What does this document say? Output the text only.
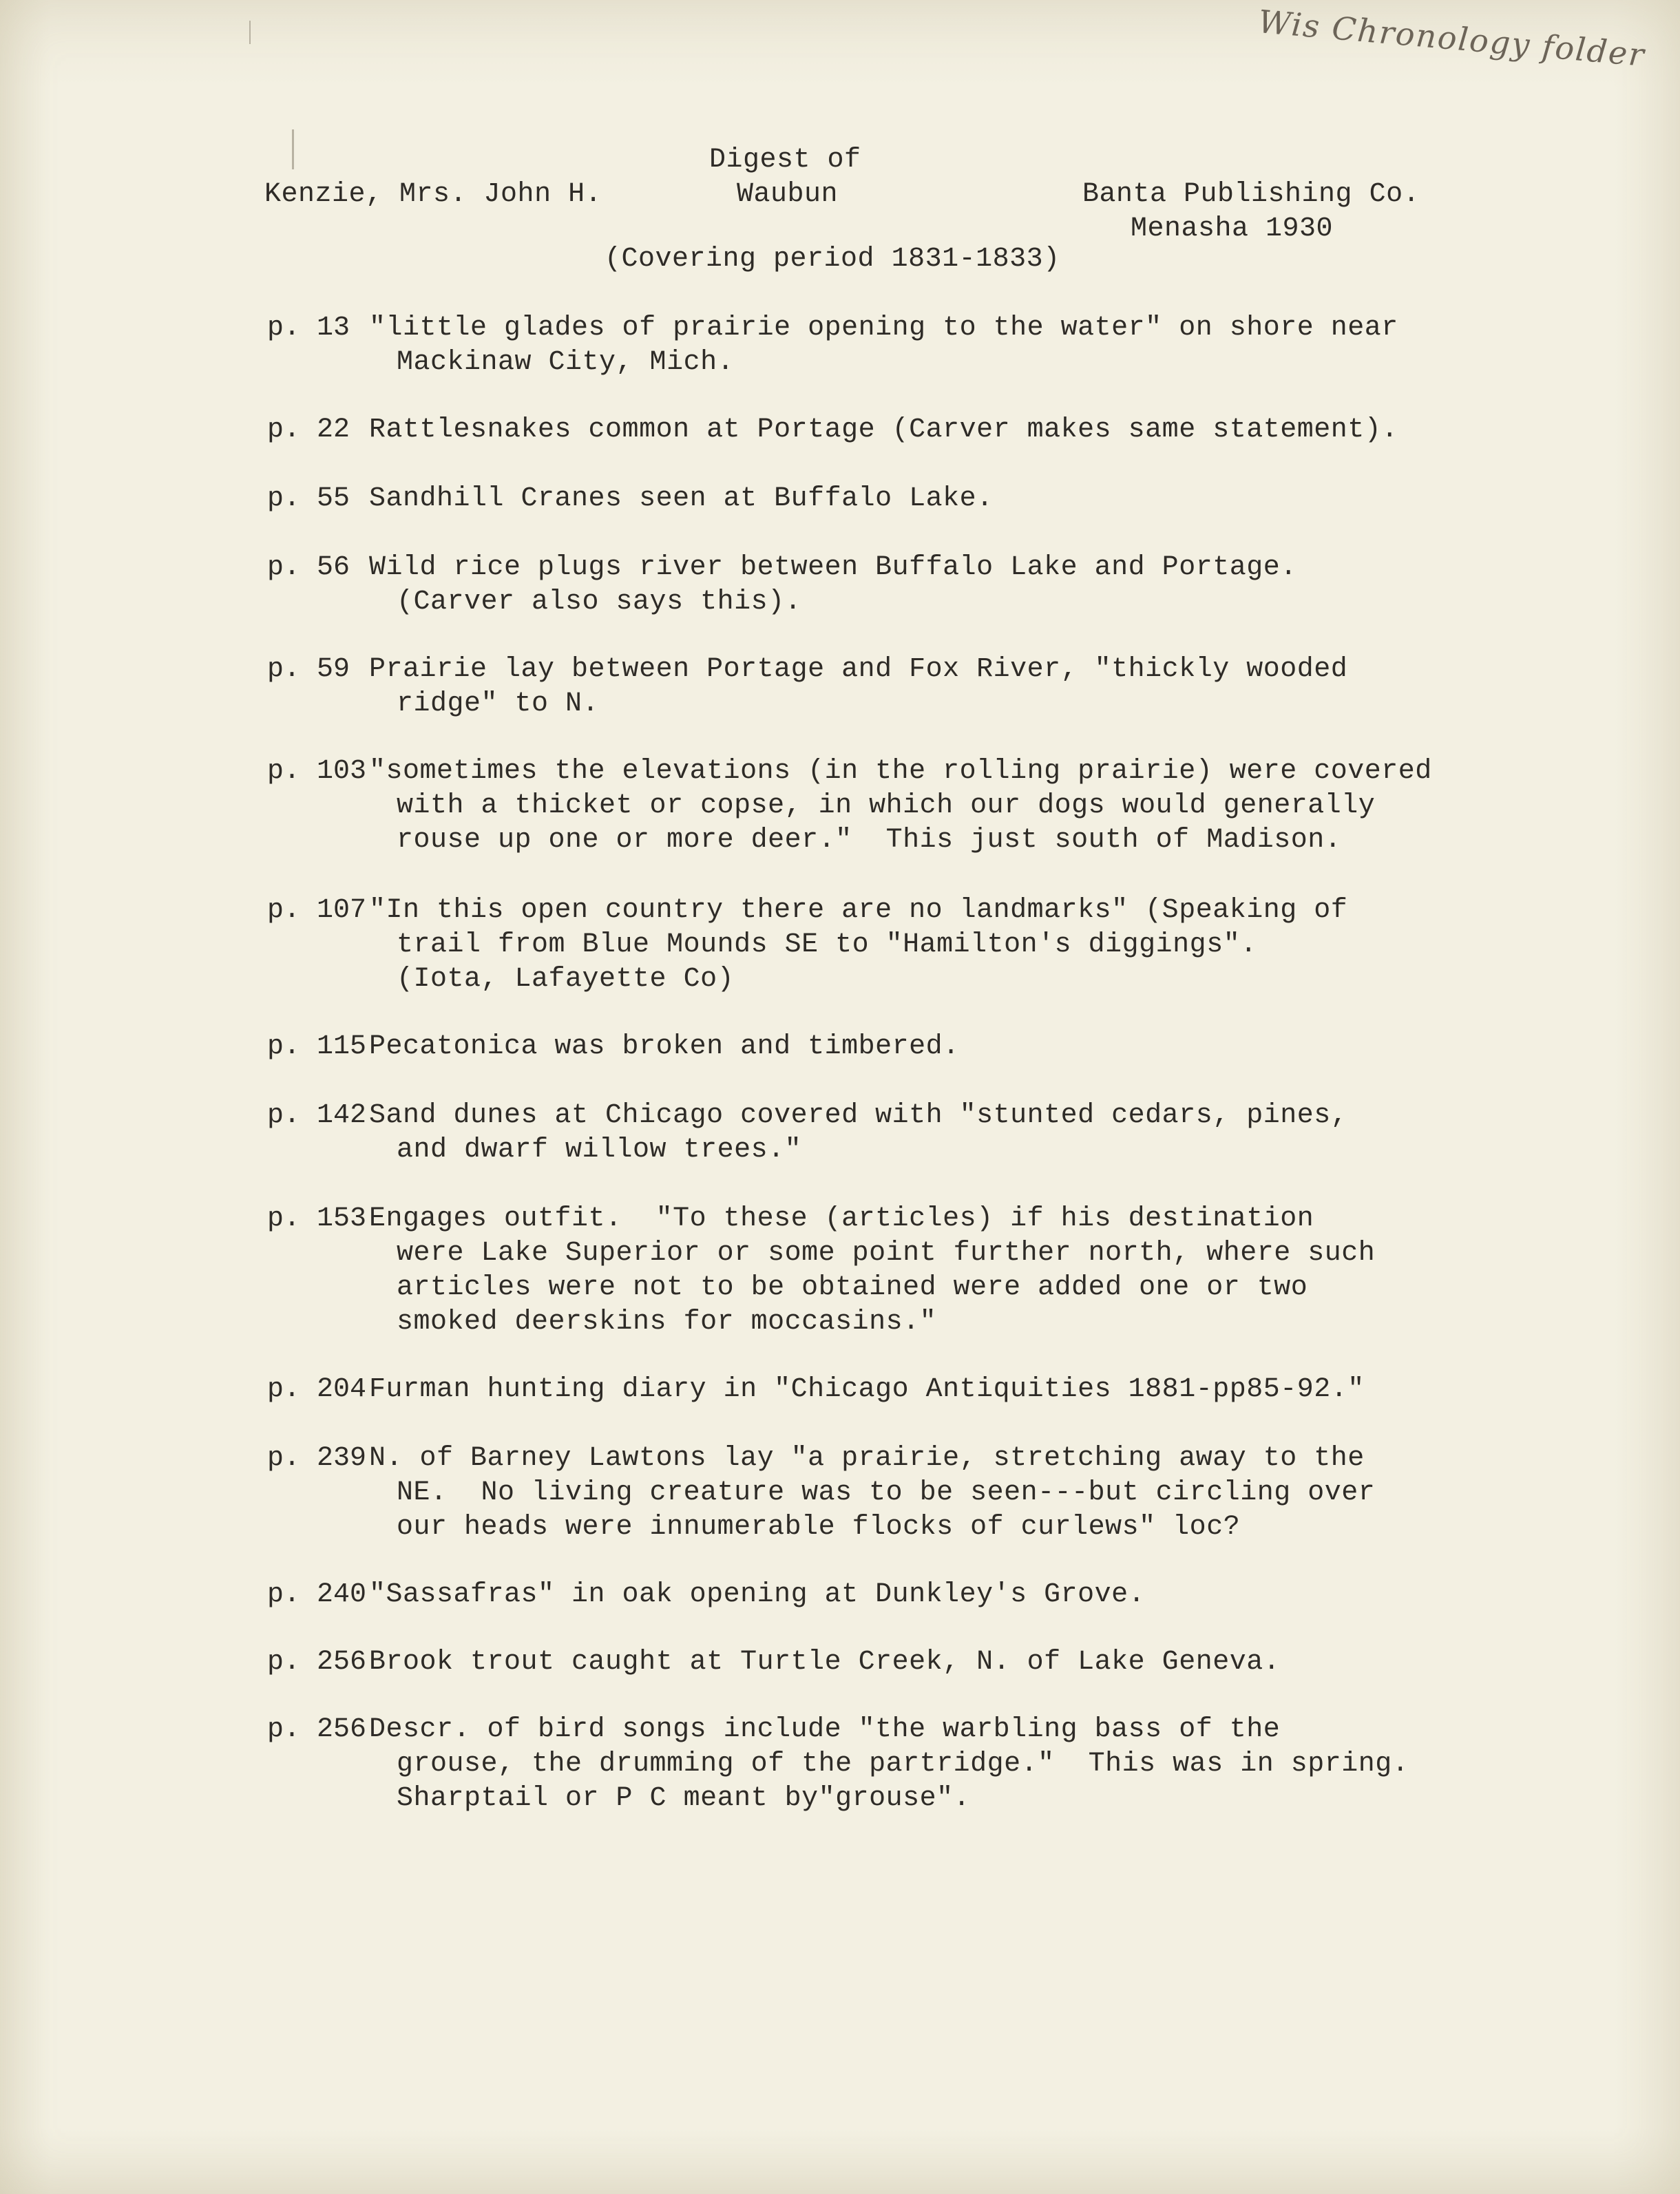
Wis Chronology folder
Digest of
Kenzie, Mrs. John H.	Waubun	Banta Publishing Co.
Menasha 1930
(Covering period 1831-1833)
p. 13 "little glades of prairie opening to the water" on shore near
Mackinaw City, Mich.
p. 22 Rattlesnakes common at Portage (Carver makes same statement).
p. 55 Sandhill Cranes seen at Buffalo Lake.
p. 56 Wild rice plugs river between Buffalo Lake and Portage.
(Carver also says this).
p. 59 Prairie lay between Portage and Fox River, "thickly wooded
ridge" to N.
p. 103 "sometimes the elevations (in the rolling prairie) were covered
with a thicket or copse, in which our dogs would generally
rouse up one or more deer."  This just south of Madison.
p. 107 "In this open country there are no landmarks" (Speaking of
trail from Blue Mounds SE to "Hamilton's diggings".
(Iota, Lafayette Co)
p. 115 Pecatonica was broken and timbered.
p. 142 Sand dunes at Chicago covered with "stunted cedars, pines,
and dwarf willow trees."
p. 153 Engages outfit.  "To these (articles) if his destination
were Lake Superior or some point further north, where such
articles were not to be obtained were added one or two
smoked deerskins for moccasins."
p. 204 Furman hunting diary in "Chicago Antiquities 1881-pp85-92."
p. 239 N. of Barney Lawtons lay "a prairie, stretching away to the
NE.  No living creature was to be seen---but circling over
our heads were innumerable flocks of curlews" loc?
p. 240 "Sassafras" in oak opening at Dunkley's Grove.
p. 256 Brook trout caught at Turtle Creek, N. of Lake Geneva.
p. 256 Descr. of bird songs include "the warbling bass of the
grouse, the drumming of the partridge."  This was in spring.
Sharptail or P C meant by"grouse".
